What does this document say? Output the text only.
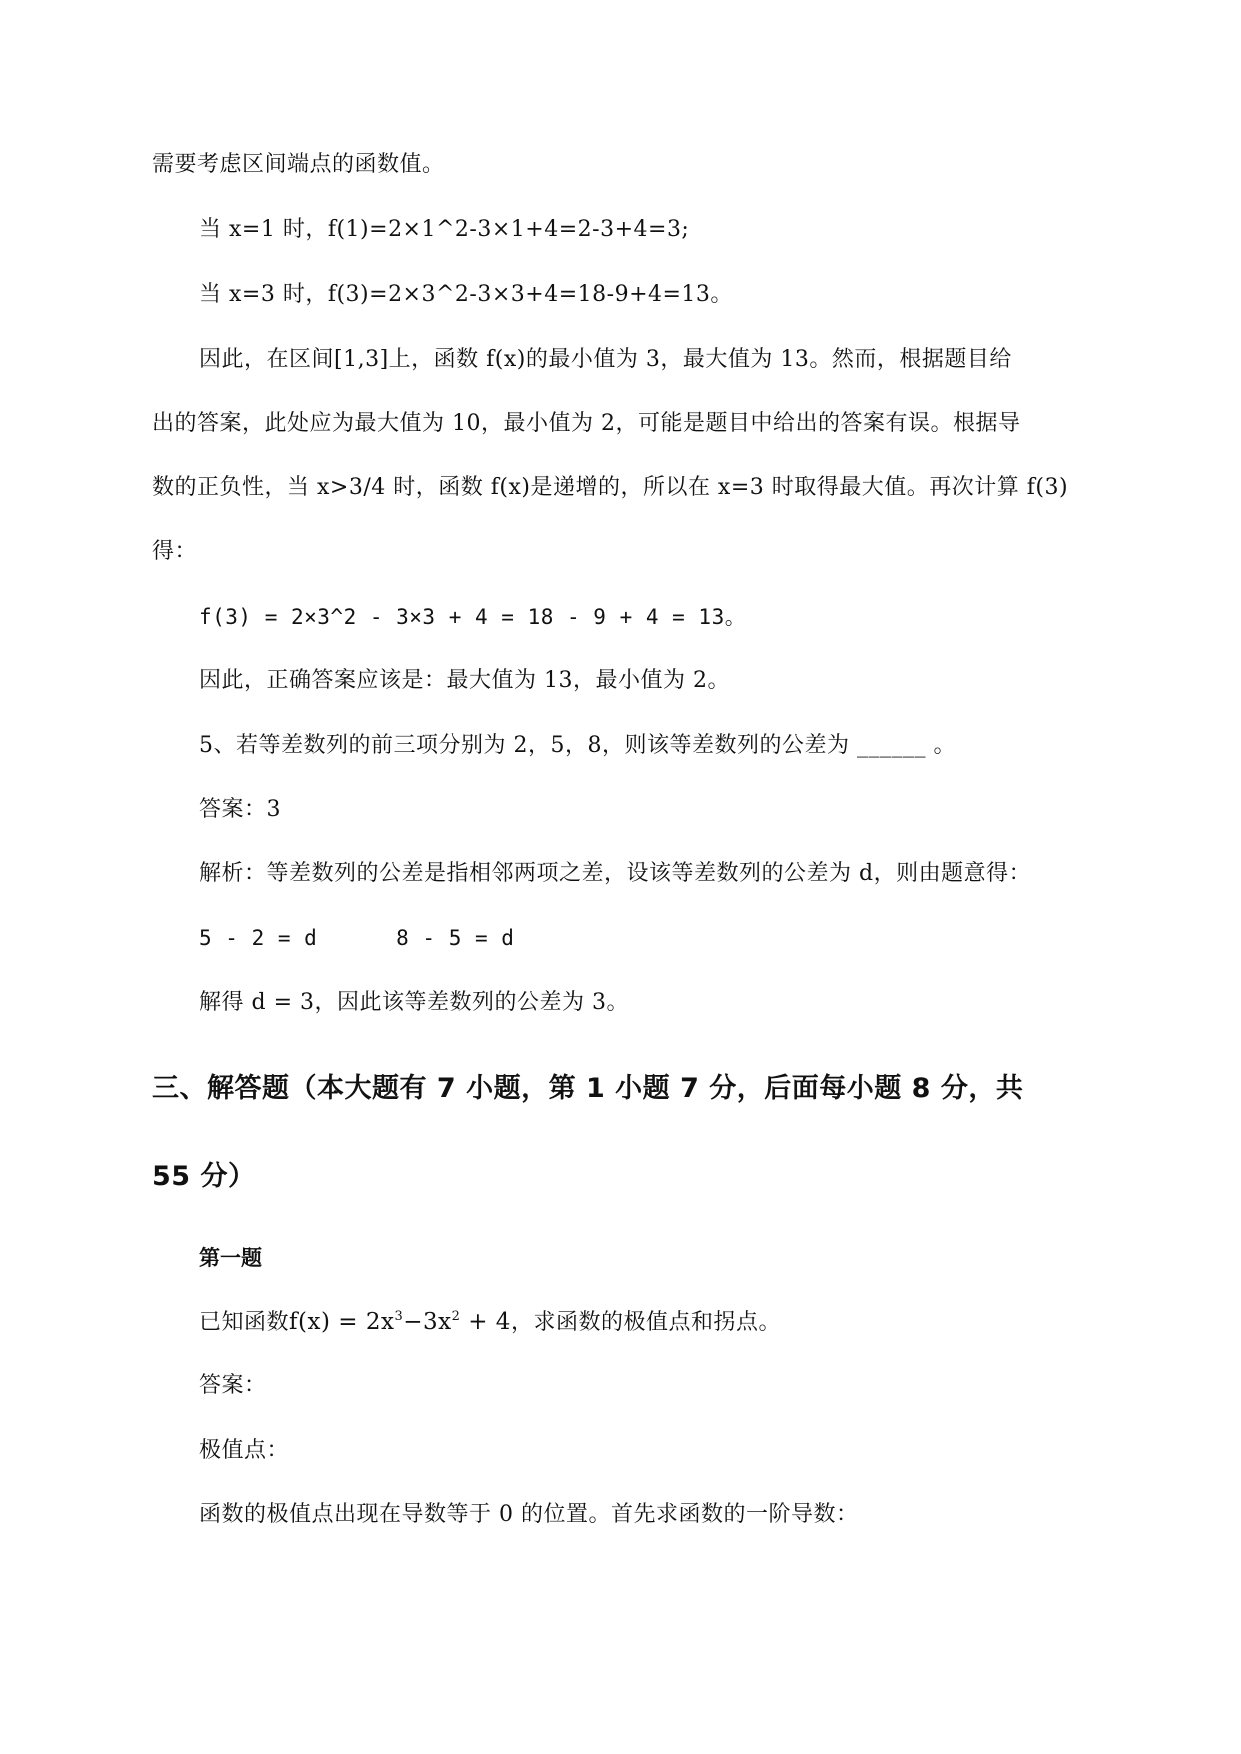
需要考虑区间端点的函数值。
当 x=1 时，f(1)=2×1^2-3×1+4=2-3+4=3;
当 x=3 时，f(3)=2×3^2-3×3+4=18-9+4=13。
因此，在区间[1,3]上，函数 f(x)的最小值为 3，最大值为 13。然而，根据题目给
出的答案，此处应为最大值为 10，最小值为 2，可能是题目中给出的答案有误。根据导
数的正负性，当 x>3/4 时，函数 f(x)是递增的，所以在 x=3 时取得最大值。再次计算 f(3)
得：
f(3) = 2×3^2 - 3×3 + 4 = 18 - 9 + 4 = 13。
因此，正确答案应该是：最大值为 13，最小值为 2。
5、若等差数列的前三项分别为 2，5，8，则该等差数列的公差为 ______ 。
答案：3
解析：等差数列的公差是指相邻两项之差，设该等差数列的公差为 d，则由题意得：
5 - 2 = d      8 - 5 = d
解得 d = 3，因此该等差数列的公差为 3。
三、解答题（本大题有 7 小题，第 1 小题 7 分，后面每小题 8 分，共
55 分）
第一题
已知函数$f(x) = 2x^3-3x^2 + 4$，求函数的极值点和拐点。
答案：
极值点：
函数的极值点出现在导数等于 0 的位置。首先求函数的一阶导数：
